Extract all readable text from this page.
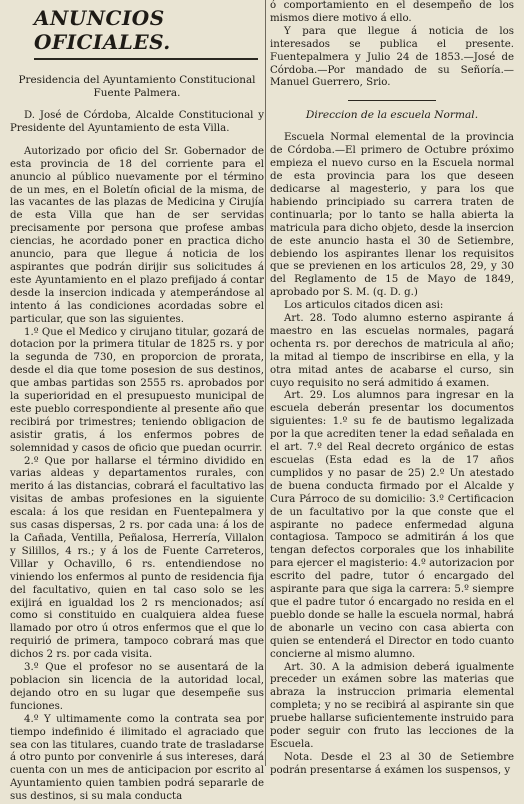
ANUNCIOS OFICIALES.

Presidencia del Ayuntamiento Constitucional Fuente Palmera.

D. José de Córdoba, Alcalde Constitucional y Presidente del Ayuntamiento de esta Villa.

Autorizado por oficio del Sr. Gobernador de esta provincia de 18 del corriente para el anuncio al público nuevamente por el término de un mes, en el Boletín oficial de la misma, de las vacantes de las plazas de Medicina y Cirujía de esta Villa que han de ser servidas precisamente por persona que profese ambas ciencias, he acordado poner en practica dicho anuncio, para que llegue á noticia de los aspirantes que podrán dirijir sus solicitudes á este Ayuntamiento en el plazo prefijado á contar desde la insercion indicada y atemperándose al intento á las condiciones acordadas sobre el particular, que son las siguientes.

1.º Que el Medico y cirujano titular, gozará de dotacion por la primera titular de 1825 rs. y por la segunda de 730, en proporcion de prorata, desde el dia que tome posesion de sus destinos, que ambas partidas son 2555 rs. aprobados por la superioridad en el presupuesto municipal de este pueblo correspondiente al presente año que recibirá por trimestres; teniendo obligacion de asistir gratis, á los enfermos pobres de solemnidad y casos de oficio que puedan ocurrir.

2.º Que por hallarse el término dividido en varias aldeas y departamentos rurales, con merito á las distancias, cobrará el facultativo las visitas de ambas profesiones en la siguiente escala: á los que residan en Fuentepalmera y sus casas dispersas, 2 rs. por cada una: á los de la Cañada, Ventilla, Peñalosa, Herrería, Villalon y Silillos, 4 rs.; y á los de Fuente Carreteros, Villar y Ochavillo, 6 rs. entendiendose no viniendo los enfermos al punto de residencia fija del facultativo, quien en tal caso solo se les exijirá en igualdad los 2 rs mencionados; así como si constituido en cualquiera aldea fuese llamado por otro ú otros enfermos que el que lo requirió de primera, tampoco cobrará mas que dichos 2 rs. por cada visita.

3.º Que el profesor no se ausentará de la poblacion sin licencia de la autoridad local, dejando otro en su lugar que desempeñe sus funciones.

4.º Y ultimamente como la contrata sea por tiempo indefinido é ilimitado el agraciado que sea con las titulares, cuando trate de trasladarse á otro punto por convenirle á sus intereses, dará cuenta con un mes de anticipacion por escrito al Ayuntamiento quien tambien podrá separarle de sus destinos, si su mala conducta

ó comportamiento en el desempeño de los mismos diere motivo á ello.

Y para que llegue á noticia de los interesados se publica el presente. Fuentepalmera y Julio 24 de 1853.—José de Córdoba.—Por mandado de su Señoría.— Manuel Guerrero, Srio.

Direccion de la escuela Normal.

Escuela Normal elemental de la provincia de Córdoba.—El primero de Octubre próximo empieza el nuevo curso en la Escuela normal de esta provincia para los que deseen dedicarse al magesterio, y para los que habiendo principiado su carrera traten de continuarla; por lo tanto se halla abierta la matricula para dicho objeto, desde la insercion de este anuncio hasta el 30 de Setiembre, debiendo los aspirantes llenar los requisitos que se previenen en los articulos 28, 29, y 30 del Reglamento de 15 de Mayo de 1849, aprobado por S. M. (q. D. g.)

Los articulos citados dicen asi:

Art. 28. Todo alumno esterno aspirante á maestro en las escuelas normales, pagará ochenta rs. por derechos de matricula al año; la mitad al tiempo de inscribirse en ella, y la otra mitad antes de acabarse el curso, sin cuyo requisito no será admitido á examen.

Art. 29. Los alumnos para ingresar en la escuela deberán presentar los documentos siguientes: 1.º su fe de bautismo legalizada por la que acrediten tener la edad señalada en el art. 7.º del Real decreto orgánico de estas escuelas (Esta edad es la de 17 años cumplidos y no pasar de 25) 2.º Un atestado de buena conducta firmado por el Alcalde y Cura Párroco de su domicilio: 3.º Certificacion de un facultativo por la que conste que el aspirante no padece enfermedad alguna contagiosa. Tampoco se admitirán á los que tengan defectos corporales que los inhabilite para ejercer el magisterio: 4.º autorizacion por escrito del padre, tutor ó encargado del aspirante para que siga la carrera: 5.º siempre que el padre tutor ó encargado no resida en el pueblo donde se halle la escuela normal, habrá de abonarle un vecino con casa abierta con quien se entenderá el Director en todo cuanto concierne al mismo alumno.

Art. 30. A la admision deberá igualmente preceder un exámen sobre las materias que abraza la instruccion primaria elemental completa; y no se recibirá al aspirante sin que pruebe hallarse suficientemente instruido para poder seguir con fruto las lecciones de la Escuela.

Nota. Desde el 23 al 30 de Setiembre podrán presentarse á exámen los suspensos, y
